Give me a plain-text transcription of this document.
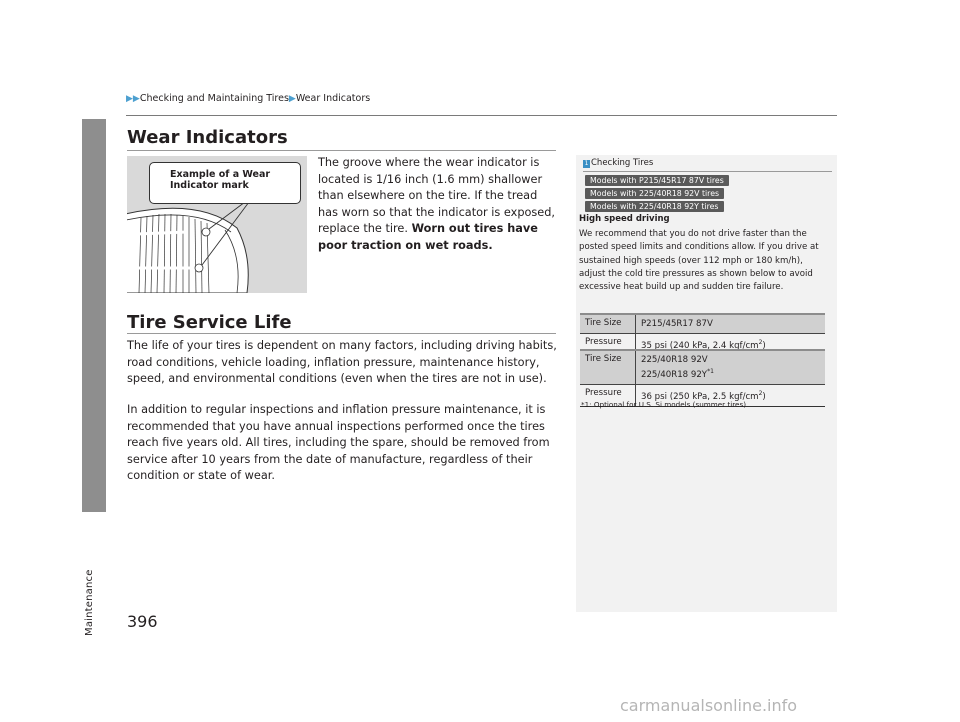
Maintenance
▶▶Checking and Maintaining Tires▶Wear Indicators
Wear Indicators
Example of a Wear Indicator mark
The groove where the wear indicator is located is 1/16 inch (1.6 mm) shallower than elsewhere on the tire. If the tread has worn so that the indicator is exposed, replace the tire. Worn out tires have poor traction on wet roads.
Tire Service Life
The life of your tires is dependent on many factors, including driving habits, road conditions, vehicle loading, inflation pressure, maintenance history, speed, and environmental conditions (even when the tires are not in use).
In addition to regular inspections and inflation pressure maintenance, it is recommended that you have annual inspections performed once the tires reach five years old. All tires, including the spare, should be removed from service after 10 years from the date of manufacture, regardless of their condition or state of wear.
1 Checking Tires
Models with P215/45R17 87V tires
Models with 225/40R18 92V tires
Models with 225/40R18 92Y tires
High speed driving
We recommend that you do not drive faster than the posted speed limits and conditions allow. If you drive at sustained high speeds (over 112 mph or 180 km/h), adjust the cold tire pressures as shown below to avoid excessive heat build up and sudden tire failure.
Tire Size	P215/45R17 87V
Pressure	35 psi (240 kPa, 2.4 kgf/$cm^2$)
Tire Size	225/40R18 92V
225/40R18 $92Y^{*1}$
Pressure	36 psi (250 kPa, 2.5 kgf/$cm^2$)
*1: Optional for U.S. Si models (summer tires)
396
carmanualsonline.info
